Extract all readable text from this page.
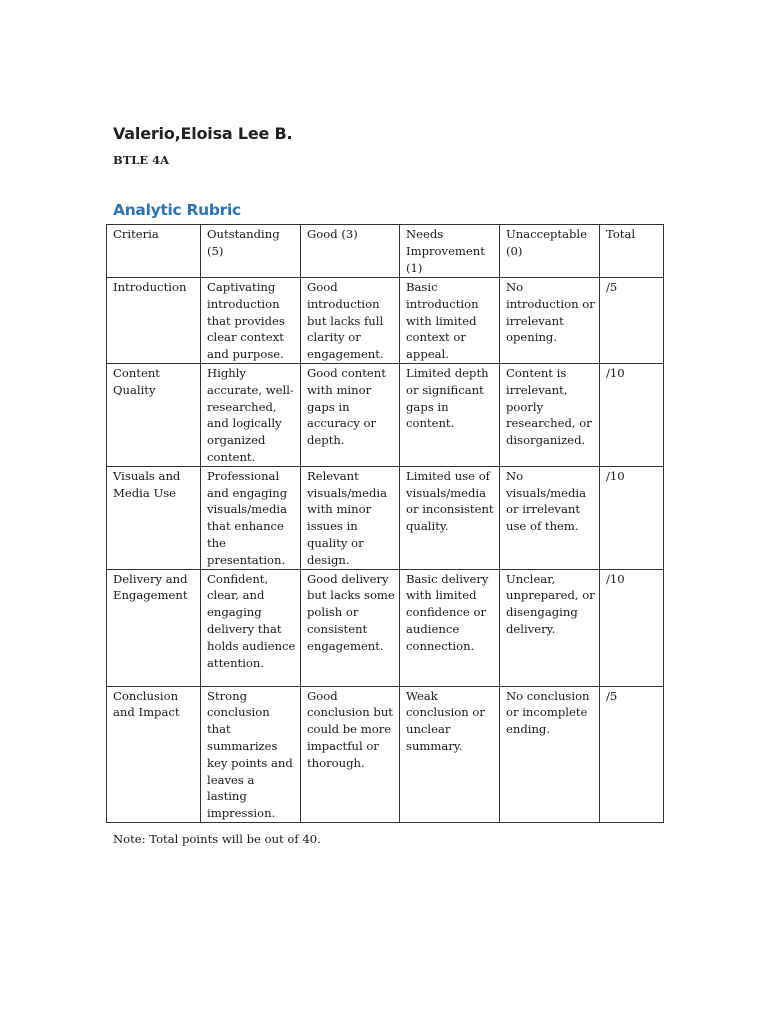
Valerio,Eloisa Lee B.
BTLE 4A
Analytic Rubric
Criteria	Outstanding (5)	Good (3)	Needs Improvement (1)	Unacceptable (0)	Total
Introduction	Captivating introduction that provides clear context and purpose.	Good introduction but lacks full clarity or engagement.	Basic introduction with limited context or appeal.	No introduction or irrelevant opening.	/5
Content Quality	Highly accurate, well-researched, and logically organized content.	Good content with minor gaps in accuracy or depth.	Limited depth or significant gaps in content.	Content is irrelevant, poorly researched, or disorganized.	/10
Visuals and Media Use	Professional and engaging visuals/media that enhance the presentation.	Relevant visuals/media with minor issues in quality or design.	Limited use of visuals/media or inconsistent quality.	No visuals/media or irrelevant use of them.	/10
Delivery and Engagement	Confident, clear, and engaging delivery that holds audience attention.	Good delivery but lacks some polish or consistent engagement.	Basic delivery with limited confidence or audience connection.	Unclear, unprepared, or disengaging delivery.	/10
Conclusion and Impact	Strong conclusion that summarizes key points and leaves a lasting impression.	Good conclusion but could be more impactful or thorough.	Weak conclusion or unclear summary.	No conclusion or incomplete ending.	/5
Note: Total points will be out of 40.
